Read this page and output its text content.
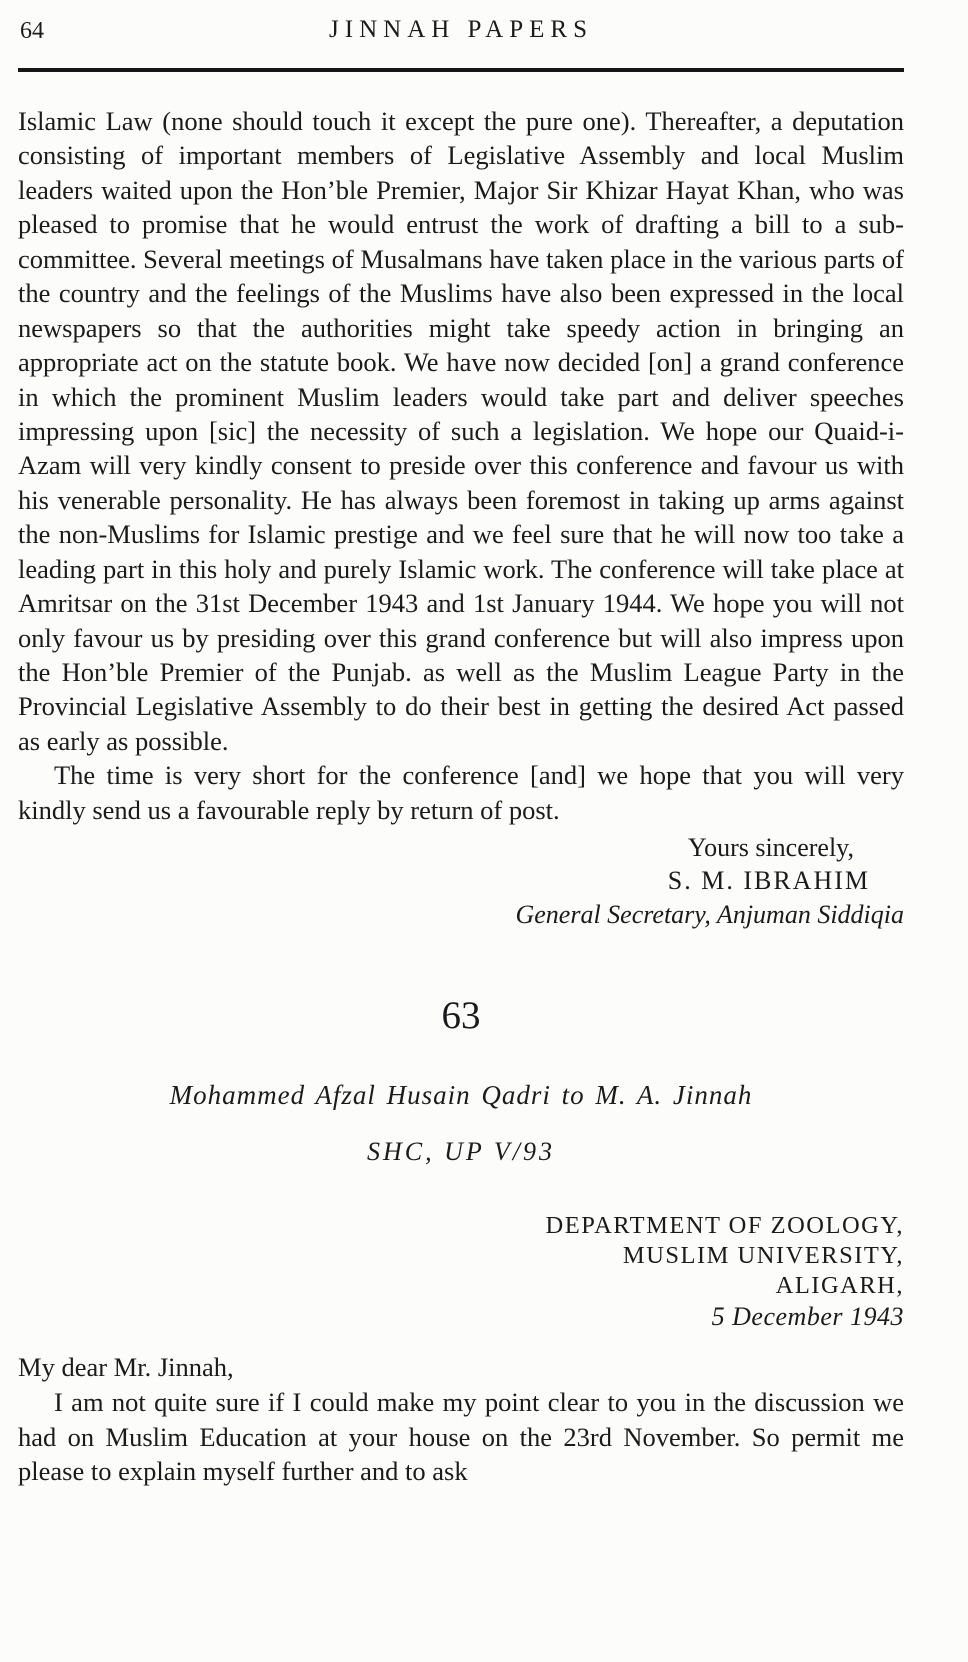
64	JINNAH PAPERS

Islamic Law (none should touch it except the pure one). Thereafter, a deputation consisting of important members of Legislative Assembly and local Muslim leaders waited upon the Hon’ble Premier, Major Sir Khizar Hayat Khan, who was pleased to promise that he would entrust the work of drafting a bill to a sub-committee. Several meetings of Musalmans have taken place in the various parts of the country and the feelings of the Muslims have also been expressed in the local newspapers so that the authorities might take speedy action in bringing an appropriate act on the statute book. We have now decided [on] a grand conference in which the prominent Muslim leaders would take part and deliver speeches impressing upon [sic] the necessity of such a legislation. We hope our Quaid-i-Azam will very kindly consent to preside over this conference and favour us with his venerable personality. He has always been foremost in taking up arms against the non-Muslims for Islamic prestige and we feel sure that he will now too take a leading part in this holy and purely Islamic work. The conference will take place at Amritsar on the 31st December 1943 and 1st January 1944. We hope you will not only favour us by presiding over this grand conference but will also impress upon the Hon’ble Premier of the Punjab. as well as the Muslim League Party in the Provincial Legislative Assembly to do their best in getting the desired Act passed as early as possible.

The time is very short for the conference [and] we hope that you will very kindly send us a favourable reply by return of post.

Yours sincerely,
S. M. IBRAHIM
General Secretary, Anjuman Siddiqia
63
Mohammed Afzal Husain Qadri to M. A. Jinnah
SHC, UP V/93
DEPARTMENT OF ZOOLOGY,
MUSLIM UNIVERSITY,
ALIGARH,
5 December 1943
My dear Mr. Jinnah,

I am not quite sure if I could make my point clear to you in the discussion we had on Muslim Education at your house on the 23rd November. So permit me please to explain myself further and to ask
